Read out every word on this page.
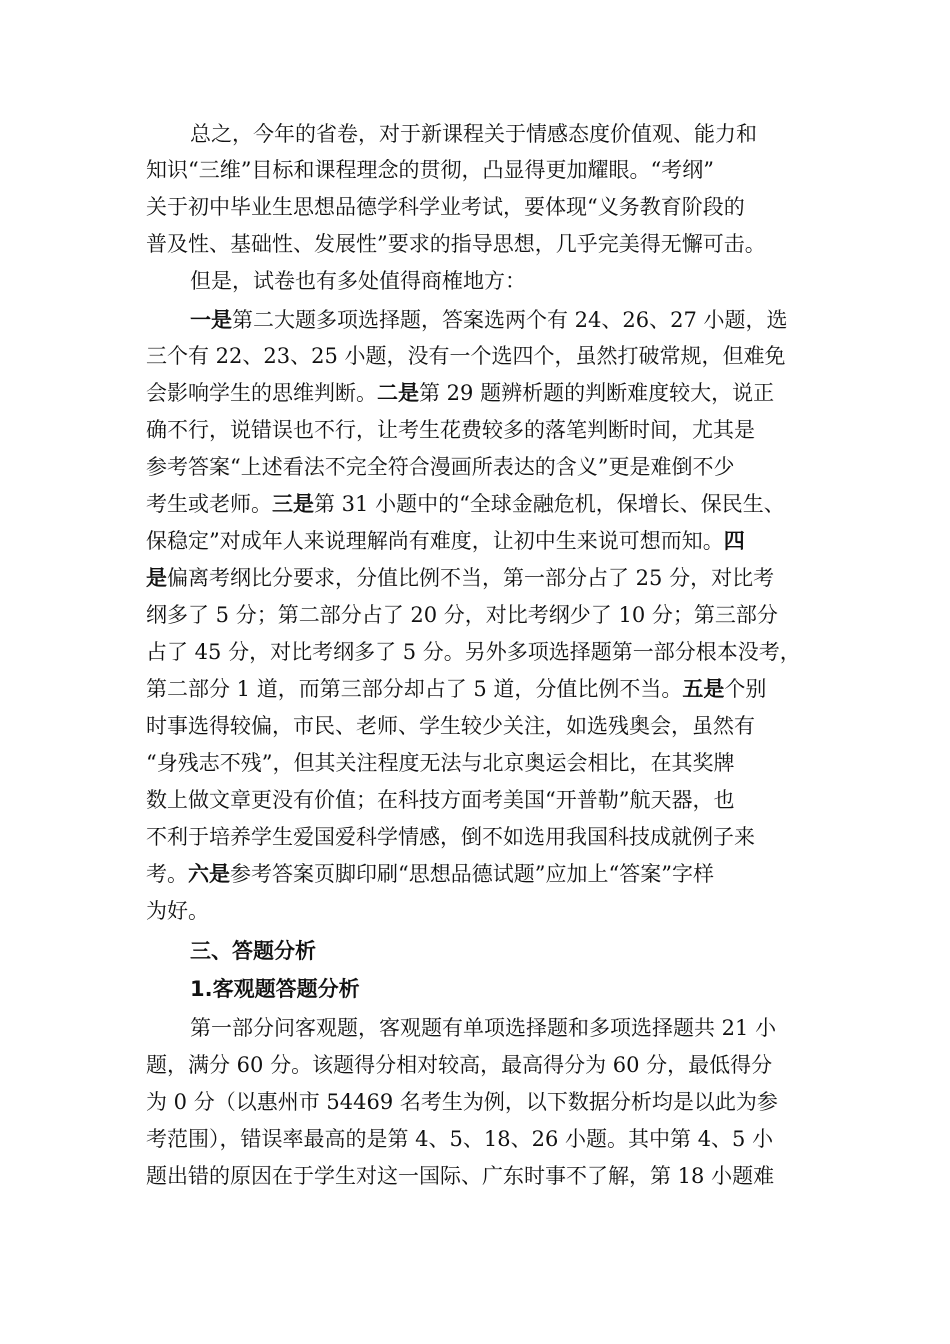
总之，今年的省卷，对于新课程关于情感态度价值观、能力和
知识“三维”目标和课程理念的贯彻，凸显得更加耀眼。“考纲”
关于初中毕业生思想品德学科学业考试，要体现“义务教育阶段的
普及性、基础性、发展性”要求的指导思想，几乎完美得无懈可击。
但是，试卷也有多处值得商榷地方：
一是第二大题多项选择题，答案选两个有 24、26、27 小题，选
三个有 22、23、25 小题，没有一个选四个，虽然打破常规，但难免
会影响学生的思维判断。二是第 29 题辨析题的判断难度较大，说正
确不行，说错误也不行，让考生花费较多的落笔判断时间，尤其是
参考答案“上述看法不完全符合漫画所表达的含义”更是难倒不少
考生或老师。三是第 31 小题中的“全球金融危机，保增长、保民生、
保稳定”对成年人来说理解尚有难度，让初中生来说可想而知。四
是偏离考纲比分要求，分值比例不当，第一部分占了 25 分，对比考
纲多了 5 分；第二部分占了 20 分，对比考纲少了 10 分；第三部分
占了 45 分，对比考纲多了 5 分。另外多项选择题第一部分根本没考，
第二部分 1 道，而第三部分却占了 5 道，分值比例不当。五是个别
时事选得较偏，市民、老师、学生较少关注，如选残奥会，虽然有
“身残志不残”，但其关注程度无法与北京奥运会相比，在其奖牌
数上做文章更没有价值；在科技方面考美国“开普勒”航天器，也
不利于培养学生爱国爱科学情感，倒不如选用我国科技成就例子来
考。六是参考答案页脚印刷“思想品德试题”应加上“答案”字样
为好。
三、答题分析
1.客观题答题分析
第一部分问客观题，客观题有单项选择题和多项选择题共 21 小
题，满分 60 分。该题得分相对较高，最高得分为 60 分，最低得分
为 0 分（以惠州市 54469 名考生为例，以下数据分析均是以此为参
考范围），错误率最高的是第 4、5、18、26 小题。其中第 4、5 小
题出错的原因在于学生对这一国际、广东时事不了解，第 18 小题难
